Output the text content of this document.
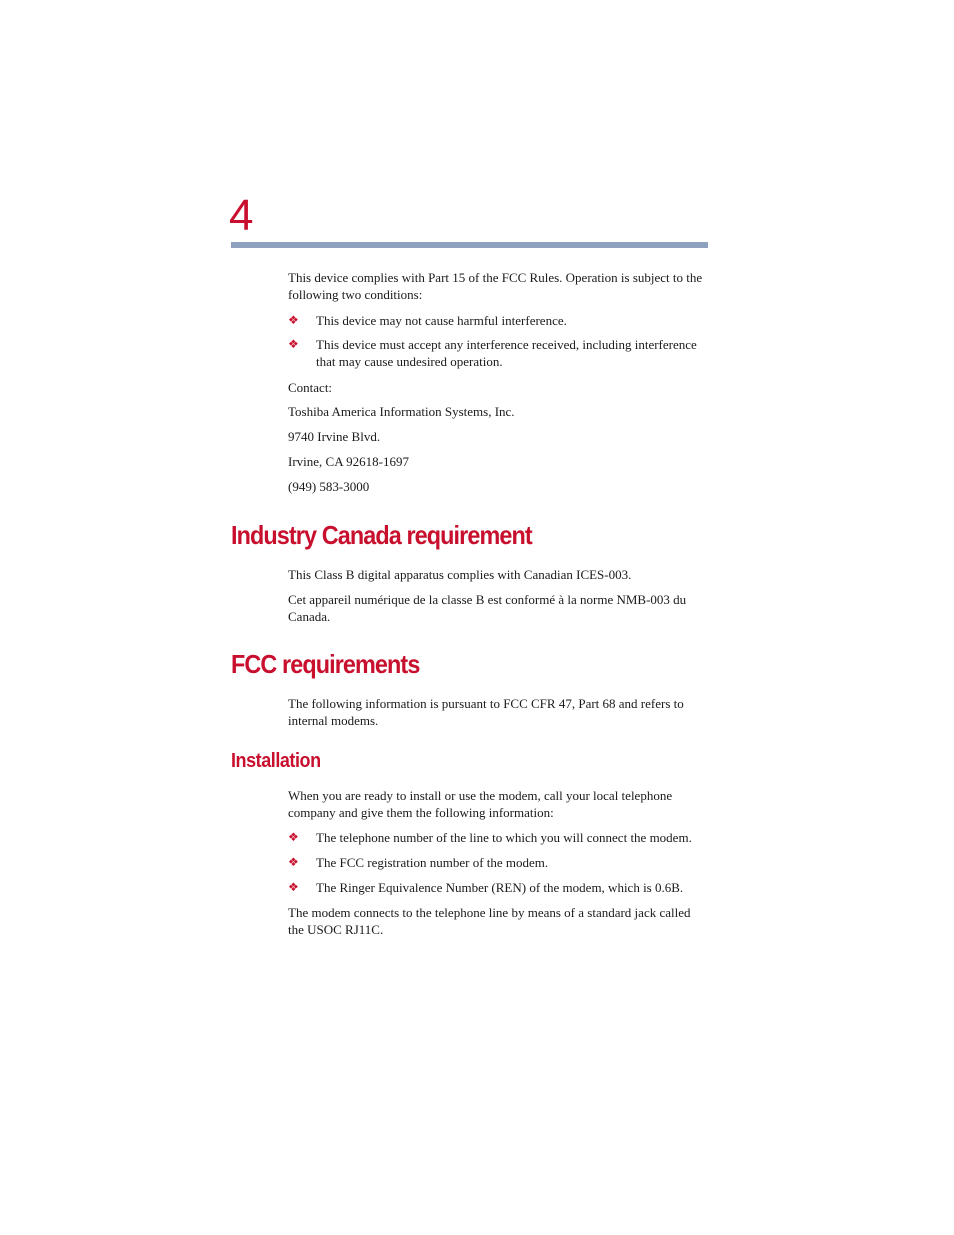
4

This device complies with Part 15 of the FCC Rules. Operation is subject to the following two conditions:

❖ This device may not cause harmful interference.
❖ This device must accept any interference received, including interference that may cause undesired operation.

Contact:

Toshiba America Information Systems, Inc.

9740 Irvine Blvd.

Irvine, CA 92618-1697

(949) 583-3000

Industry Canada requirement

This Class B digital apparatus complies with Canadian ICES-003.

Cet appareil numérique de la classe B est conformé à la norme NMB-003 du Canada.

FCC requirements

The following information is pursuant to FCC CFR 47, Part 68 and refers to internal modems.

Installation

When you are ready to install or use the modem, call your local telephone company and give them the following information:

❖ The telephone number of the line to which you will connect the modem.
❖ The FCC registration number of the modem.
❖ The Ringer Equivalence Number (REN) of the modem, which is 0.6B.

The modem connects to the telephone line by means of a standard jack called the USOC RJ11C.
